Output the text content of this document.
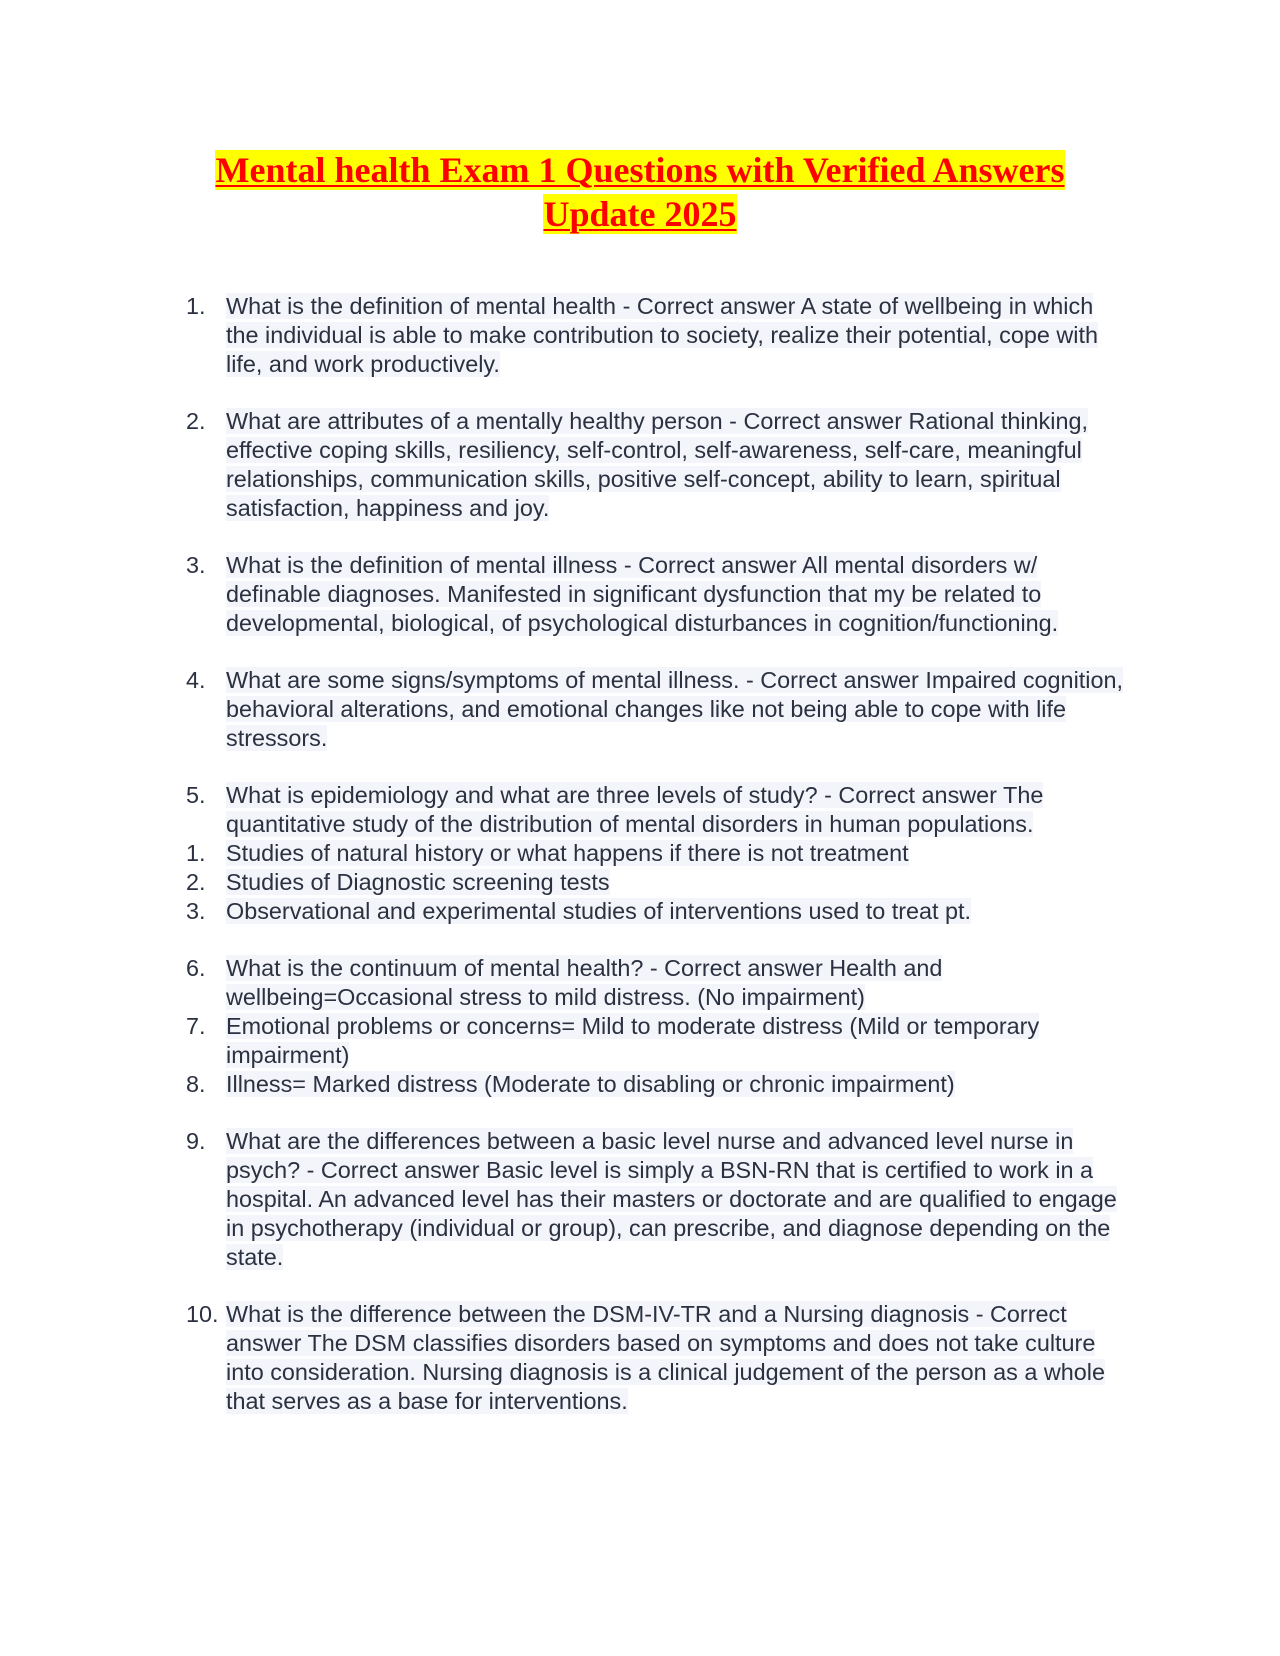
Mental health Exam 1 Questions with Verified Answers
Update 2025
1. What is the definition of mental health - Correct answer A state of wellbeing in which the individual is able to make contribution to society, realize their potential, cope with life, and work productively.
2. What are attributes of a mentally healthy person - Correct answer Rational thinking, effective coping skills, resiliency, self-control, self-awareness, self-care, meaningful relationships, communication skills, positive self-concept, ability to learn, spiritual satisfaction, happiness and joy.
3. What is the definition of mental illness - Correct answer All mental disorders w/ definable diagnoses. Manifested in significant dysfunction that my be related to developmental, biological, of psychological disturbances in cognition/functioning.
4. What are some signs/symptoms of mental illness. - Correct answer Impaired cognition, behavioral alterations, and emotional changes like not being able to cope with life stressors.
5. What is epidemiology and what are three levels of study? - Correct answer The quantitative study of the distribution of mental disorders in human populations.
1. Studies of natural history or what happens if there is not treatment
2. Studies of Diagnostic screening tests
3. Observational and experimental studies of interventions used to treat pt.
6. What is the continuum of mental health? - Correct answer Health and wellbeing=Occasional stress to mild distress. (No impairment)
7. Emotional problems or concerns= Mild to moderate distress (Mild or temporary impairment)
8. Illness= Marked distress (Moderate to disabling or chronic impairment)
9. What are the differences between a basic level nurse and advanced level nurse in psych? - Correct answer Basic level is simply a BSN-RN that is certified to work in a hospital. An advanced level has their masters or doctorate and are qualified to engage in psychotherapy (individual or group), can prescribe, and diagnose depending on the state.
10. What is the difference between the DSM-IV-TR and a Nursing diagnosis - Correct answer The DSM classifies disorders based on symptoms and does not take culture into consideration. Nursing diagnosis is a clinical judgement of the person as a whole that serves as a base for interventions.
